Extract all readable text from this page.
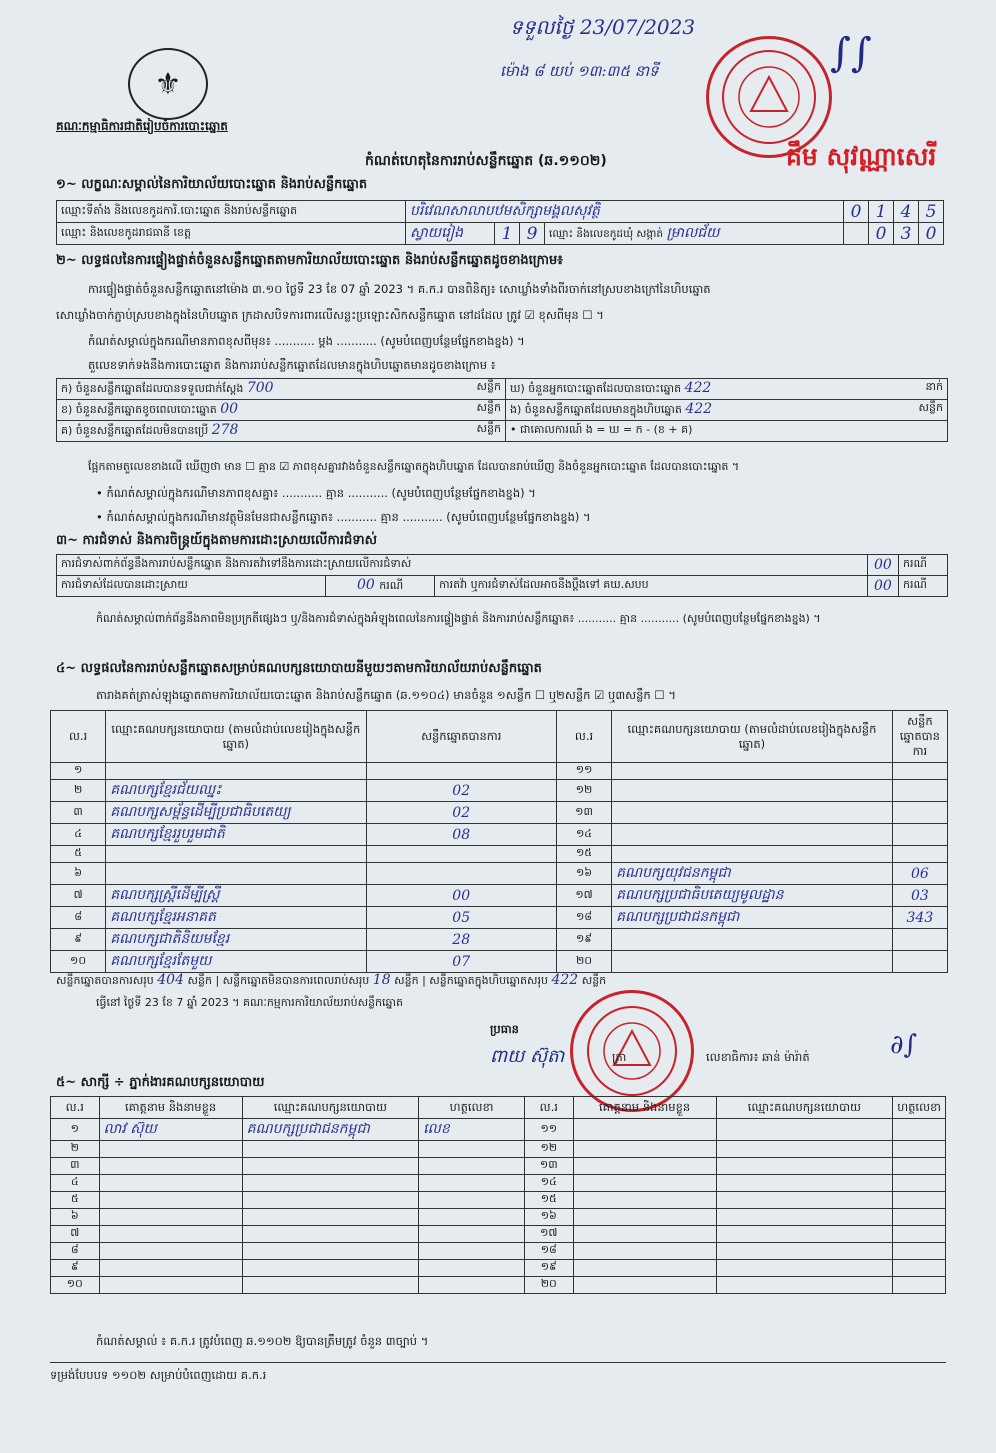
⚜
គណៈកម្មាធិការជាតិរៀបចំការបោះឆ្នោត
ទទួលថ្ងៃ 23/07/2023
ម៉ោង ៨ យប់ ១៣:៣៥ នាទី
គឹម សុវណ្ណាសេរី
∫∫
កំណត់ហេតុនៃការរាប់សន្លឹកឆ្នោត (ឆ.១១០២)
១~ លក្ខណៈសម្គាល់នៃការិយាល័យបោះឆ្នោត និងរាប់សន្លឹកឆ្នោត
ឈ្មោះទីតាំង និងលេខកូដការិ.បោះឆ្នោត និងរាប់សន្លឹកឆ្នោត	បរិវេណសាលាបឋមសិក្សាមង្គលសុវត្ថិ				0	1	4	5
ឈ្មោះ និងលេខកូដរាជធានី ខេត្ត	ស្វាយរៀង	1	9	ឈ្មោះ និងលេខកូដឃុំ សង្កាត់ ម្រាលជ័យ		0	3	0
២~ លទ្ធផលនៃការផ្ទៀងផ្ទាត់ចំនួនសន្លឹកឆ្នោតតាមការិយាល័យបោះឆ្នោត និងរាប់សន្លឹកឆ្នោតដូចខាងក្រោម៖
ការផ្ទៀងផ្ទាត់ចំនួនសន្លឹកឆ្នោតនៅម៉ោង ៣.១០ ថ្ងៃទី 23 ខែ 07 ឆ្នាំ 2023 ។ គ.ក.រ បានពិនិត្យ៖ សោឃ្លាំងទាំងពីរចាក់នៅស្របខាងក្រៅនៃហិបឆ្នោត
សោឃ្លាំងចាក់ភ្ជាប់ស្របខាងក្នុងនៃហិបឆ្នោត ក្រដាសបិទការពារលើសន្លះប្រឡោះសិកសន្លឹកឆ្នោត នៅដដែល ត្រូវ ☑ ខុសពីមុន ☐ ។
កំណត់សម្គាល់ក្នុងករណីមានភាពខុសពីមុន៖ ........... ម្ដង ........... (សូមបំពេញបន្ថែមផ្នែកខាងខ្នង) ។
តួលេខទាក់ទងនឹងការបោះឆ្នោត និងការរាប់សន្លឹកឆ្នោតដែលមានក្នុងហិបឆ្នោតមានដូចខាងក្រោម ៖
ក) ចំនួនសន្លឹកឆ្នោតដែលបានទទួលជាក់ស្ដែង 700 សន្លឹក	ឃ) ចំនួនអ្នកបោះឆ្នោតដែលបានបោះឆ្នោត 422 នាក់

ខ) ចំនួនសន្លឹកឆ្នោតខូចពេលបោះឆ្នោត 00 សន្លឹក	ង) ចំនួនសន្លឹកឆ្នោតដែលមានក្នុងហិបឆ្នោត 422 សន្លឹក

គ) ចំនួនសន្លឹកឆ្នោតដែលមិនបានប្រើ 278 សន្លឹក	• ជាគោលការណ៍ ង = ឃ = ក - (ខ + គ)
ផ្អែកតាមតួលេខខាងលើ ឃើញថា មាន ☐ គ្មាន ☑ ភាពខុសគ្នារវាងចំនួនសន្លឹកឆ្នោតក្នុងហិបឆ្នោត ដែលបានរាប់ឃើញ និងចំនួនអ្នកបោះឆ្នោត ដែលបានបោះឆ្នោត ។
• កំណត់សម្គាល់ក្នុងករណីមានភាពខុសគ្នា៖ ........... គ្មាន ........... (សូមបំពេញបន្ថែមផ្នែកខាងខ្នង) ។
• កំណត់សម្គាល់ក្នុងករណីមានវត្ថុមិនមែនជាសន្លឹកឆ្នោត៖ ........... គ្មាន ........... (សូមបំពេញបន្ថែមផ្នែកខាងខ្នង) ។
៣~ ការជំទាស់ និងការចិន្ដ្រយ៍ក្នុងតាមការដោះស្រាយលើការជំទាស់
ការជំទាស់ពាក់ព័ន្ធនឹងការរាប់សន្លឹកឆ្នោត និងការតវ៉ាទៅនឹងការដោះស្រាយលើការជំទាស់			00	ករណី
ការជំទាស់ដែលបានដោះស្រាយ	00 ករណី	ការតវ៉ា ឬការជំទាស់ដែលអាចនឹងប្ដឹងទៅ គឃ.សបប	00	ករណី
កំណត់សម្គាល់ពាក់ព័ន្ធនឹងភាពមិនប្រក្រតីផ្សេងៗ ឬ/និងការជំទាស់ក្នុងអំឡុងពេលនៃការផ្ទៀងផ្ទាត់ និងការរាប់សន្លឹកឆ្នោត៖ ........... គ្មាន ........... (សូមបំពេញបន្ថែមផ្នែកខាងខ្នង) ។
៤~ លទ្ធផលនៃការរាប់សន្លឹកឆ្នោតសម្រាប់គណបក្សនយោបាយនីមួយៗតាមការិយាល័យរាប់សន្លឹកឆ្នោត
តារាងគត់ត្រាស់ឡុងឆ្នោតតាមការិយាល័យបោះឆ្នោត និងរាប់សន្លឹកឆ្នោត (ឆ.១១០៤) មានចំនួន ១សន្លឹក ☐ ឬ២សន្លឹក ☑ ឬ៣សន្លឹក ☐ ។
ល.រ	ឈ្មោះគណបក្សនយោបាយ (តាមលំដាប់លេខរៀងក្នុងសន្លឹកឆ្នោត)	សន្លឹកឆ្នោតបានការ	ល.រ	ឈ្មោះគណបក្សនយោបាយ (តាមលំដាប់លេខរៀងក្នុងសន្លឹកឆ្នោត)	សន្លឹកឆ្នោតបានការ
១			១១		
២	គណបក្សខ្មែរជ័យឈ្នះ	02	១២		
៣	គណបក្សសម្ព័ន្ធដើម្បីប្រជាធិបតេយ្យ	02	១៣		
៤	គណបក្សខ្មែររួបរួមជាតិ	08	១៤		
៥			១៥		
៦			១៦	គណបក្សយុវជនកម្ពុជា	06
៧	គណបក្សស្ត្រីដើម្បីស្ត្រី	00	១៧	គណបក្សប្រជាធិបតេយ្យមូលដ្ឋាន	03
៨	គណបក្សខ្មែរអនាគត	05	១៨	គណបក្សប្រជាជនកម្ពុជា	343
៩	គណបក្សជាតិនិយមខ្មែរ	28	១៩		
១០	គណបក្សខ្មែរតែមួយ	07	២០		
សន្លឹកឆ្នោតបានការសរុប 404 សន្លឹក | សន្លឹកឆ្នោតមិនបានការពេលរាប់សរុប 18 សន្លឹក | សន្លឹកឆ្នោតក្នុងហិបឆ្នោតសរុប 422 សន្លឹក
ធ្វើនៅ ថ្ងៃទី 23 ខែ 7 ឆ្នាំ 2023 ។ គណៈកម្មការការិយាល័យរាប់សន្លឹកឆ្នោត
ប្រធាន
ពាយ ស៊ុតា	ត្រា	លេខាធិការ៖ ឆាន់ ម៉ារ៉ាត់	∂∫
៥~ សាក្សី ÷ ភ្នាក់ងារគណបក្សនយោបាយ
ល.រ	គោត្តនាម និងនាមខ្លួន	ឈ្មោះគណបក្សនយោបាយ	ហត្ថលេខា	ល.រ	គោត្តនាម និងនាមខ្លួន	ឈ្មោះគណបក្សនយោបាយ	ហត្ថលេខា
១	លាវ ស៊ុយ	គណបក្សប្រជាជនកម្ពុជា	លេខ	១១			
២				១២			
៣				១៣			
៤				១៤			
៥				១៥			
៦				១៦			
៧				១៧			
៨				១៨			
៩				១៩			
១០				២០			
កំណត់សម្គាល់ ៖ គ.ក.រ ត្រូវបំពេញ ឆ.១១០២ ឱ្យបានត្រឹមត្រូវ ចំនួន ៣ច្បាប់ ។
ទម្រង់បែបបទ ១១០២ សម្រាប់បំពេញដោយ គ.ក.រ
